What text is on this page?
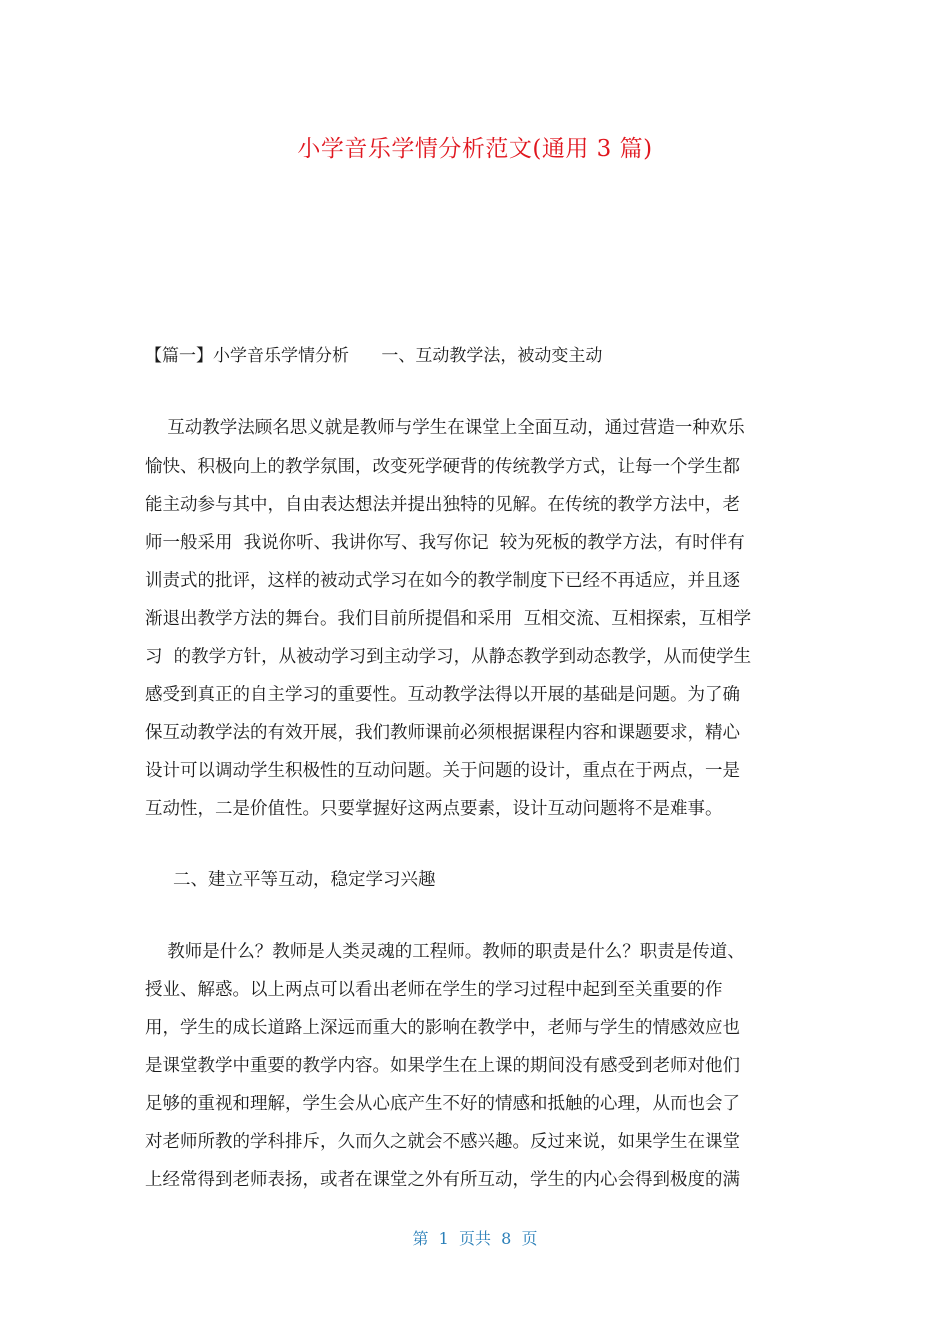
小学音乐学情分析范文(通用 3 篇)
【篇一】小学音乐学情分析      一、互动教学法，被动变主动
互动教学法顾名思义就是教师与学生在课堂上全面互动，通过营造一种欢乐
愉快、积极向上的教学氛围，改变死学硬背的传统教学方式，让每一个学生都
能主动参与其中，自由表达想法并提出独特的见解。在传统的教学方法中，老
师一般采用  我说你听、我讲你写、我写你记  较为死板的教学方法，有时伴有
训责式的批评，这样的被动式学习在如今的教学制度下已经不再适应，并且逐
渐退出教学方法的舞台。我们目前所提倡和采用  互相交流、互相探索，互相学
习  的教学方针，从被动学习到主动学习，从静态教学到动态教学，从而使学生
感受到真正的自主学习的重要性。互动教学法得以开展的基础是问题。为了确
保互动教学法的有效开展，我们教师课前必须根据课程内容和课题要求，精心
设计可以调动学生积极性的互动问题。关于问题的设计，重点在于两点，一是
互动性，二是价值性。只要掌握好这两点要素，设计互动问题将不是难事。
二、建立平等互动，稳定学习兴趣
教师是什么？教师是人类灵魂的工程师。教师的职责是什么？职责是传道、
授业、解惑。以上两点可以看出老师在学生的学习过程中起到至关重要的作
用，学生的成长道路上深远而重大的影响在教学中，老师与学生的情感效应也
是课堂教学中重要的教学内容。如果学生在上课的期间没有感受到老师对他们
足够的重视和理解，学生会从心底产生不好的情感和抵触的心理，从而也会了
对老师所教的学科排斥，久而久之就会不感兴趣。反过来说，如果学生在课堂
上经常得到老师表扬，或者在课堂之外有所互动，学生的内心会得到极度的满
第  1  页共  8  页
